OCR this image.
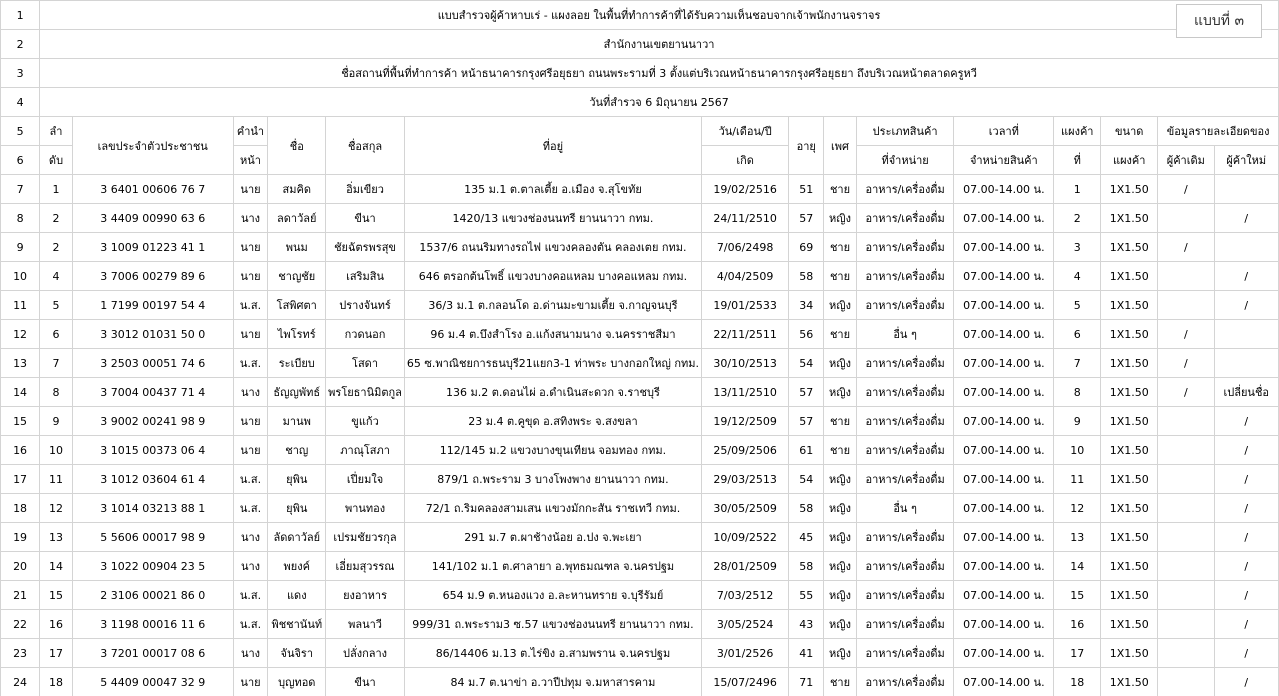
1	แบบสำรวจผู้ค้าหาบเร่ - แผงลอย ในพื้นที่ทำการค้าที่ได้รับความเห็นชอบจากเจ้าพนักงานจราจร														
2	สำนักงานเขตยานนาวา														
3	ชื่อสถานที่พื้นที่ทำการค้า หน้าธนาคารกรุงศรีอยุธยา ถนนพระรามที่ 3 ตั้งแต่บริเวณหน้าธนาคารกรุงศรีอยุธยา ถึงบริเวณหน้าตลาดครูหวี														
4	วันที่สำรวจ 6 มิถุนายน 2567														
5	ลำ	เลขประจำตัวประชาชน	คำนำ	ชื่อ	ชื่อสกุล	ที่อยู่	วัน/เดือน/ปี	อายุ	เพศ	ประเภทสินค้า	เวลาที่	แผงค้า	ขนาด	ข้อมูลรายละเอียดของ	
6	ดับ		หน้า				เกิด			ที่จำหน่าย	จำหน่ายสินค้า	ที่	แผงค้า	ผู้ค้าเดิม	ผู้ค้าใหม่
7	1	3 6401 00606 76 7	นาย	สมคิด	อิ่มเขียว	135 ม.1 ต.ตาลเตี้ย อ.เมือง จ.สุโขทัย	19/02/2516	51	ชาย	อาหาร/เครื่องดื่ม	07.00-14.00 น.	1	1X1.50	/	
8	2	3 4409 00990 63 6	นาง	ลดาวัลย์	ขีนา	1420/13 แขวงช่องนนทรี ยานนาวา กทม.	24/11/2510	57	หญิง	อาหาร/เครื่องดื่ม	07.00-14.00 น.	2	1X1.50		/
9	2	3 1009 01223 41 1	นาย	พนม	ชัยฉัตรพรสุข	1537/6 ถนนริมทางรถไฟ แขวงคลองตัน คลองเตย กทม.	7/06/2498	69	ชาย	อาหาร/เครื่องดื่ม	07.00-14.00 น.	3	1X1.50	/	
10	4	3 7006 00279 89 6	นาย	ชาญชัย	เสริมสิน	646 ตรอกต้นโพธิ์ แขวงบางคอแหลม บางคอแหลม กทม.	4/04/2509	58	ชาย	อาหาร/เครื่องดื่ม	07.00-14.00 น.	4	1X1.50		/
11	5	1 7199 00197 54 4	น.ส.	โสพิศตา	ปรางจันทร์	36/3 ม.1 ต.กลอนโด อ.ด่านมะขามเตี้ย จ.กาญจนบุรี	19/01/2533	34	หญิง	อาหาร/เครื่องดื่ม	07.00-14.00 น.	5	1X1.50		/
12	6	3 3012 01031 50 0	นาย	ไพโรทร์	กวดนอก	96 ม.4 ต.บึงสำโรง อ.แก้งสนามนาง จ.นครราชสีมา	22/11/2511	56	ชาย	อื่น ๆ	07.00-14.00 น.	6	1X1.50	/	
13	7	3 2503 00051 74 6	น.ส.	ระเบียบ	โสดา	65 ซ.พาณิชยการธนบุรี21แยก3-1 ท่าพระ บางกอกใหญ่ กทม.	30/10/2513	54	หญิง	อาหาร/เครื่องดื่ม	07.00-14.00 น.	7	1X1.50	/	
14	8	3 7004 00437 71 4	นาง	ธัญญพัทธ์	พรโยธานิมิตกูล	136 ม.2 ต.ดอนไผ่ อ.ดำเนินสะดวก จ.ราชบุรี	13/11/2510	57	หญิง	อาหาร/เครื่องดื่ม	07.00-14.00 น.	8	1X1.50	/	เปลี่ยนชื่อ
15	9	3 9002 00241 98 9	นาย	มานพ	ขูแก้ว	23 ม.4 ต.คูขุด อ.สทิงพระ จ.สงขลา	19/12/2509	57	ชาย	อาหาร/เครื่องดื่ม	07.00-14.00 น.	9	1X1.50		/
16	10	3 1015 00373 06 4	นาย	ชาญ	ภาณุโสภา	112/145 ม.2 แขวงบางขุนเทียน จอมทอง กทม.	25/09/2506	61	ชาย	อาหาร/เครื่องดื่ม	07.00-14.00 น.	10	1X1.50		/
17	11	3 1012 03604 61 4	น.ส.	ยุพิน	เปี่ยมใจ	879/1 ถ.พระราม 3 บางโพงพาง ยานนาวา กทม.	29/03/2513	54	หญิง	อาหาร/เครื่องดื่ม	07.00-14.00 น.	11	1X1.50		/
18	12	3 1014 03213 88 1	น.ส.	ยุพิน	พานทอง	72/1 ถ.ริมคลองสามเสน แขวงมักกะสัน ราชเทวี กทม.	30/05/2509	58	หญิง	อื่น ๆ	07.00-14.00 น.	12	1X1.50		/
19	13	5 5606 00017 98 9	นาง	ลัดดาวัลย์	เปรมชัยวรกุล	291 ม.7 ต.ผาช้างน้อย อ.ปง จ.พะเยา	10/09/2522	45	หญิง	อาหาร/เครื่องดื่ม	07.00-14.00 น.	13	1X1.50		/
20	14	3 1022 00904 23 5	นาง	พยงค์	เอี่ยมสุวรรณ	141/102 ม.1 ต.ศาลายา อ.พุทธมณฑล จ.นครปฐม	28/01/2509	58	หญิง	อาหาร/เครื่องดื่ม	07.00-14.00 น.	14	1X1.50		/
21	15	2 3106 00021 86 0	น.ส.	แดง	ยงอาหาร	654 ม.9 ต.หนองแวง อ.ละหานทราย จ.บุรีรัมย์	7/03/2512	55	หญิง	อาหาร/เครื่องดื่ม	07.00-14.00 น.	15	1X1.50		/
22	16	3 1198 00016 11 6	น.ส.	พิชชานันท์	พลนาวี	999/31 ถ.พระราม3 ซ.57 แขวงช่องนนทรี ยานนาวา กทม.	3/05/2524	43	หญิง	อาหาร/เครื่องดื่ม	07.00-14.00 น.	16	1X1.50		/
23	17	3 7201 00017 08 6	นาง	จันจิรา	ปลั่งกลาง	86/14406 ม.13 ต.ไร่ขิง อ.สามพราน จ.นครปฐม	3/01/2526	41	หญิง	อาหาร/เครื่องดื่ม	07.00-14.00 น.	17	1X1.50		/
24	18	5 4409 00047 32 9	นาย	บุญทอด	ขีนา	84 ม.7 ต.นาข่า อ.วาปีปทุม จ.มหาสารคาม	15/07/2496	71	ชาย	อาหาร/เครื่องดื่ม	07.00-14.00 น.	18	1X1.50		/
แบบที่ ๓
